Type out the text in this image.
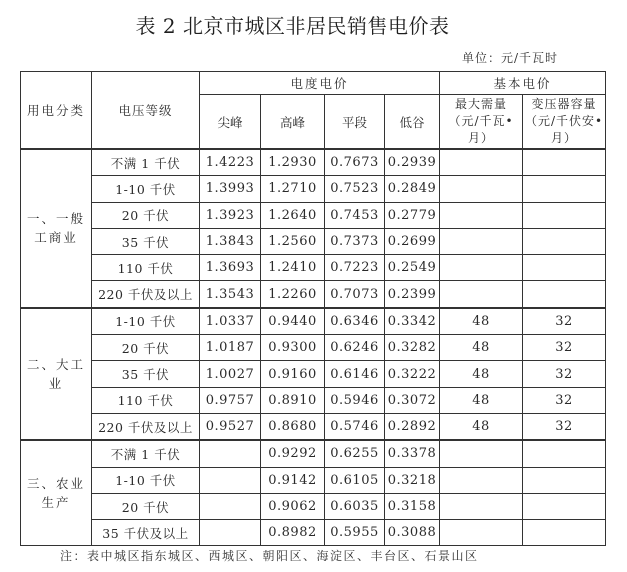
表 2 北京市城区非居民销售电价表
单位：元/千瓦时
用电分类	电压等级	电度电价				基本电价	
		尖峰	高峰	平段	低谷	最大需量（元/千瓦•月）	变压器容量（元/千伏安•月）
一、一般工商业	不满 1 千伏	1.4223	1.2930	0.7673	0.2939		
	1-10 千伏	1.3993	1.2710	0.7523	0.2849		
	20 千伏	1.3923	1.2640	0.7453	0.2779		
	35 千伏	1.3843	1.2560	0.7373	0.2699		
	110 千伏	1.3693	1.2410	0.7223	0.2549		
	220 千伏及以上	1.3543	1.2260	0.7073	0.2399		
二、大工业	1-10 千伏	1.0337	0.9440	0.6346	0.3342	48	32
	20 千伏	1.0187	0.9300	0.6246	0.3282	48	32
	35 千伏	1.0027	0.9160	0.6146	0.3222	48	32
	110 千伏	0.9757	0.8910	0.5946	0.3072	48	32
	220 千伏及以上	0.9527	0.8680	0.5746	0.2892	48	32
三、农业生产	不满 1 千伏		0.9292	0.6255	0.3378		
	1-10 千伏		0.9142	0.6105	0.3218		
	20 千伏		0.9062	0.6035	0.3158		
	35 千伏及以上		0.8982	0.5955	0.3088		
注：表中城区指东城区、西城区、朝阳区、海淀区、丰台区、石景山区
